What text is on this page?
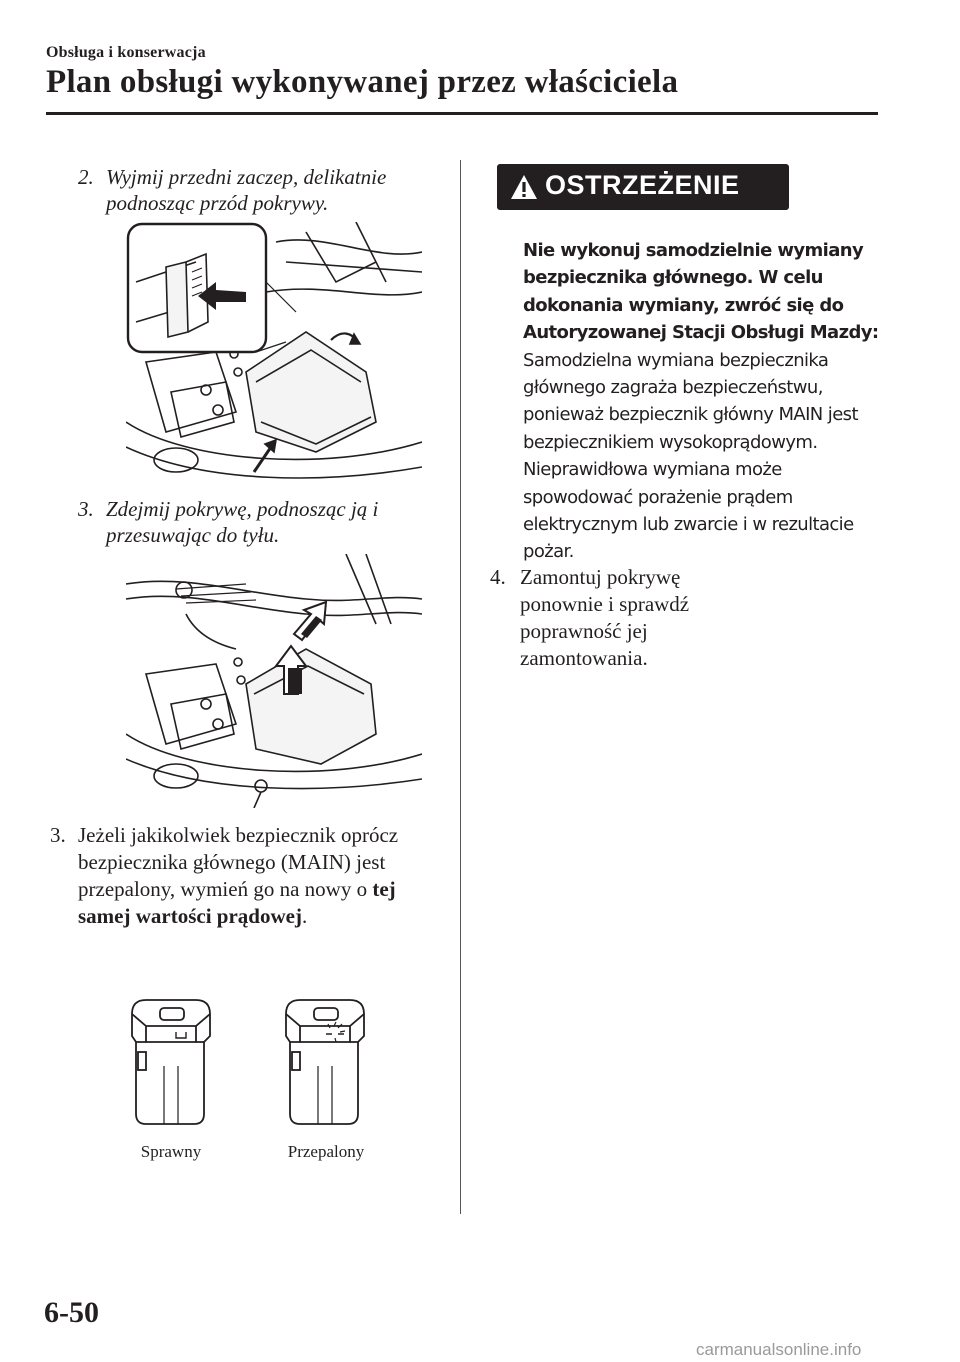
Obsługa i konserwacja
Plan obsługi wykonywanej przez właściciela
2. Wyjmij przedni zaczep, delikatnie podnosząc przód pokrywy.
3. Zdejmij pokrywę, podnosząc ją i przesuwając do tyłu.
3. Jeżeli jakikolwiek bezpiecznik oprócz bezpiecznika głównego (MAIN) jest przepalony, wymień go na nowy o tej samej wartości prądowej.
Sprawny	Przepalony
OSTRZEŻENIE
Nie wykonuj samodzielnie wymiany bezpiecznika głównego. W celu dokonania wymiany, zwróć się do Autoryzowanej Stacji Obsługi Mazdy: Samodzielna wymiana bezpiecznika głównego zagraża bezpieczeństwu, ponieważ bezpiecznik główny MAIN jest bezpiecznikiem wysokoprądowym. Nieprawidłowa wymiana może spowodować porażenie prądem elektrycznym lub zwarcie i w rezultacie pożar.
4. Zamontuj pokrywę ponownie i sprawdź poprawność jej zamontowania.
6-50
carmanualsonline.info
